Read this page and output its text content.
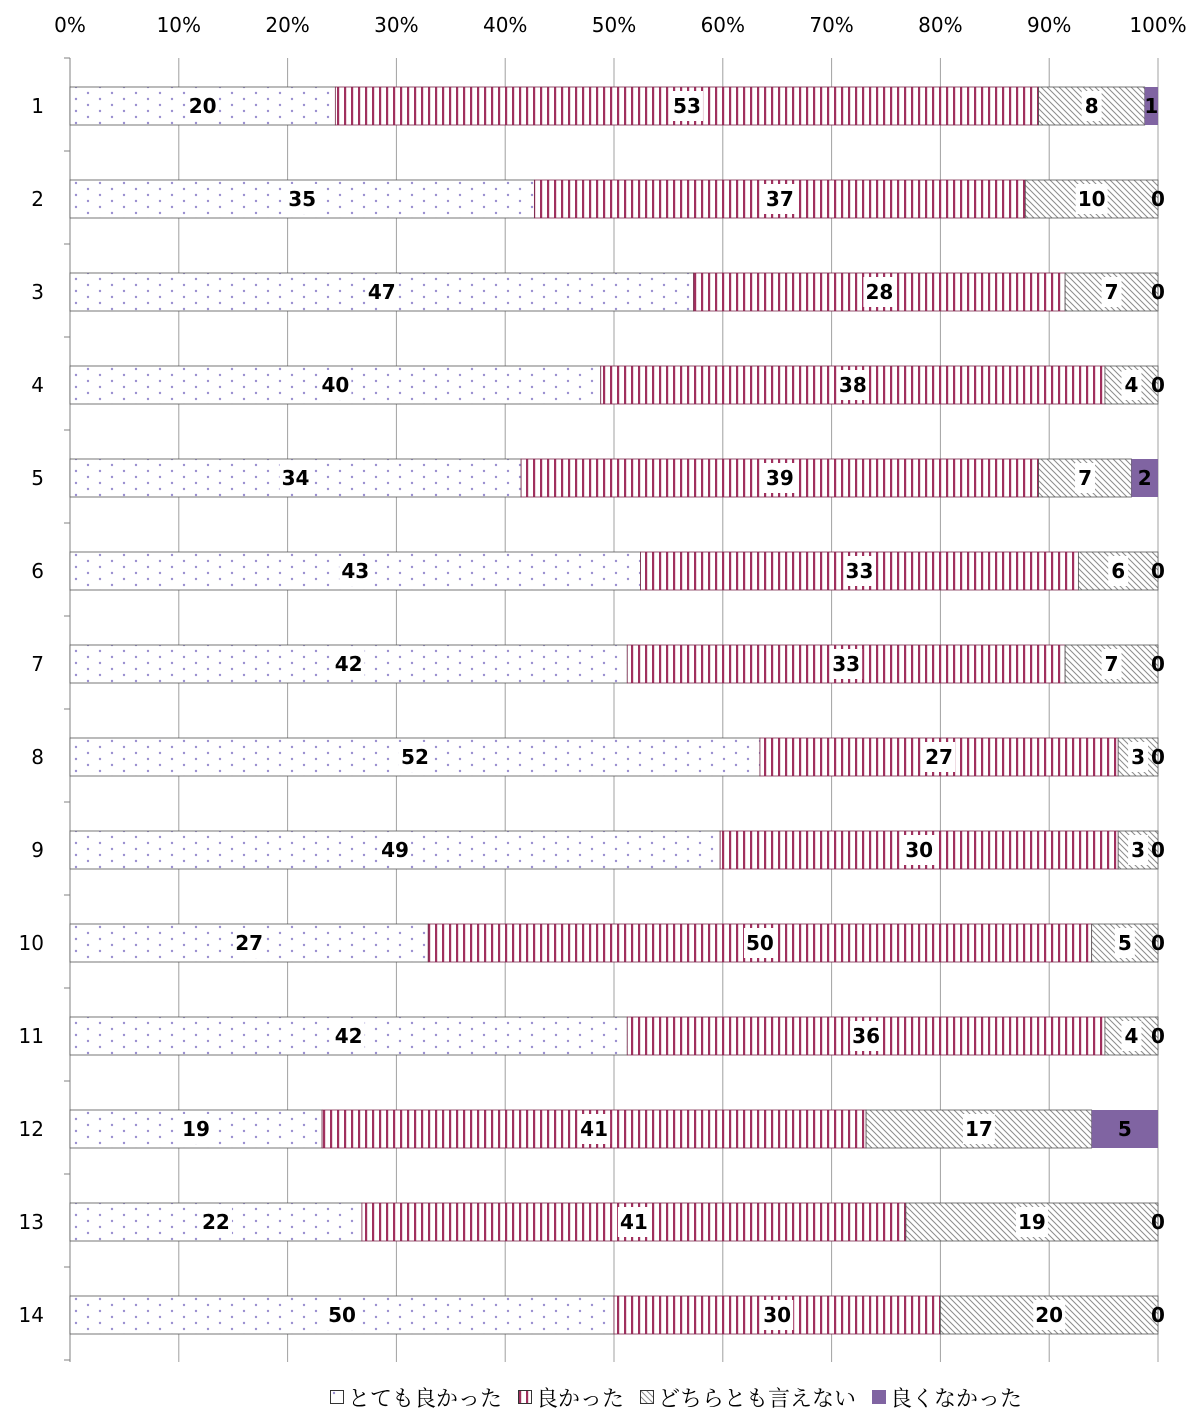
0%	10%	20%	30%	40%	50%	60%	70%	80%	90%	100%
1
2
3
4
5
6
7
8
9
10
11
12
13
14
20	53	8 1
35	37	10 0
47	28	7 0
40	38	4 0
34	39	7 2
43	33	6 0
42	33	7 0
52	27	3 0
49	30	3 0
27	50	5 0
42	36	4 0
19	41	17	5
22	41	19	0
50	30	20	0
とても良かった 良かった どちらとも言えない 良くなかった
